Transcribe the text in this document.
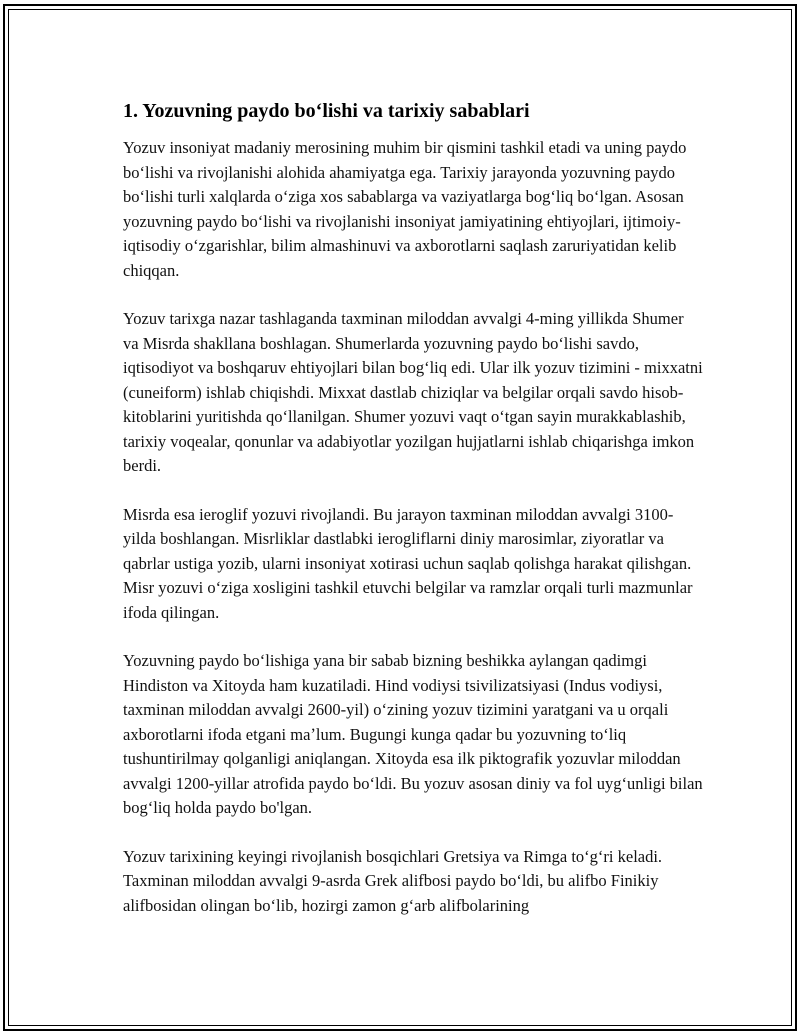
1. Yozuvning paydo boʻlishi va tarixiy sabablari

Yozuv insoniyat madaniy merosining muhim bir qismini tashkil etadi va uning paydo boʻlishi va rivojlanishi alohida ahamiyatga ega. Tarixiy jarayonda yozuvning paydo boʻlishi turli xalqlarda oʻziga xos sabablarga va vaziyatlarga bogʻliq boʻlgan. Asosan yozuvning paydo boʻlishi va rivojlanishi insoniyat jamiyatining ehtiyojlari, ijtimoiy-iqtisodiy oʻzgarishlar, bilim almashinuvi va axborotlarni saqlash zaruriyatidan kelib chiqqan.

Yozuv tarixga nazar tashlaganda taxminan miloddan avvalgi 4-ming yillikda Shumer va Misrda shakllana boshlagan. Shumerlarda yozuvning paydo boʻlishi savdo, iqtisodiyot va boshqaruv ehtiyojlari bilan bogʻliq edi. Ular ilk yozuv tizimini - mixxatni (cuneiform) ishlab chiqishdi. Mixxat dastlab chiziqlar va belgilar orqali savdo hisob-kitoblarini yuritishda qoʻllanilgan. Shumer yozuvi vaqt oʻtgan sayin murakkablashib, tarixiy voqealar, qonunlar va adabiyotlar yozilgan hujjatlarni ishlab chiqarishga imkon berdi.

Misrda esa ieroglif yozuvi rivojlandi. Bu jarayon taxminan miloddan avvalgi 3100-yilda boshlangan. Misrliklar dastlabki ierogliflarni diniy marosimlar, ziyoratlar va qabrlar ustiga yozib, ularni insoniyat xotirasi uchun saqlab qolishga harakat qilishgan. Misr yozuvi oʻziga xosligini tashkil etuvchi belgilar va ramzlar orqali turli mazmunlar ifoda qilingan.

Yozuvning paydo boʻlishiga yana bir sabab bizning beshikka aylangan qadimgi Hindiston va Xitoyda ham kuzatiladi. Hind vodiysi tsivilizatsiyasi (Indus vodiysi, taxminan miloddan avvalgi 2600-yil) oʻzining yozuv tizimini yaratgani va u orqali axborotlarni ifoda etgani maʼlum. Bugungi kunga qadar bu yozuvning toʻliq tushuntirilmay qolganligi aniqlangan. Xitoyda esa ilk piktografik yozuvlar miloddan avvalgi 1200-yillar atrofida paydo boʻldi. Bu yozuv asosan diniy va fol uygʻunligi bilan bogʻliq holda paydo bo'lgan.

Yozuv tarixining keyingi rivojlanish bosqichlari Gretsiya va Rimga toʻgʻri keladi. Taxminan miloddan avvalgi 9-asrda Grek alifbosi paydo boʻldi, bu alifbo Finikiy alifbosidan olingan boʻlib, hozirgi zamon gʻarb alifbolarining
